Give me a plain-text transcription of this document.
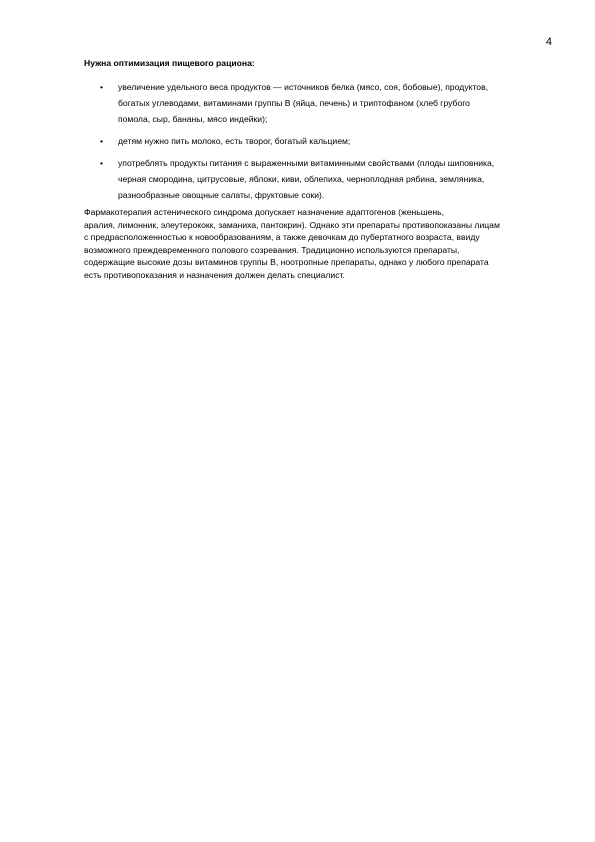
4

Нужна оптимизация пищевого рациона:

• увеличение удельного веса продуктов — источников белка (мясо, соя, бобовые), продуктов,
богатых углеводами, витаминами группы В (яйца, печень) и триптофаном (хлеб грубого
помола, сыр, бананы, мясо индейки);
• детям нужно пить молоко, есть творог, богатый кальцием;
• употреблять продукты питания с выраженными витаминными свойствами (плоды шиповника,
черная смородина, цитрусовые, яблоки, киви, облепиха, черноплодная рябина, земляника,
разнообразные овощные салаты, фруктовые соки).

Фармакотерапия астенического синдрома допускает назначение адаптогенов (женьшень,
аралия, лимонник, элеутерококк, заманиха, пантокрин). Однако эти препараты противопоказаны лицам
с предрасположенностью к новообразованиям, а также девочкам до пубертатного возраста, ввиду
возможного преждевременного полового созревания. Традиционно используются препараты,
содержащие высокие дозы витаминов группы В, ноотропные препараты, однако у любого препарата
есть противопоказания и назначения должен делать специалист.
